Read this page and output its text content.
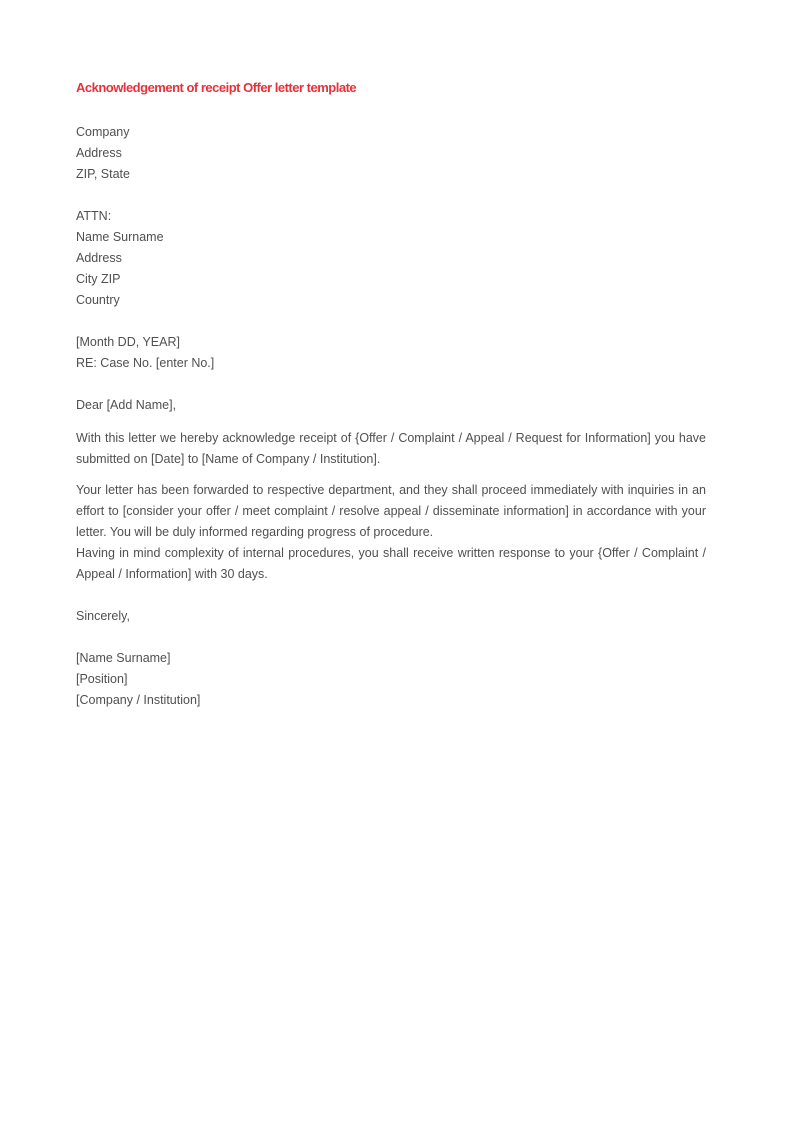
Acknowledgement of receipt Offer letter template
Company
Address
ZIP, State
ATTN:
Name Surname
Address
City ZIP
Country
[Month DD, YEAR]
RE: Case No. [enter No.]
Dear [Add Name],

With this letter we hereby acknowledge receipt of {Offer / Complaint / Appeal / Request for Information] you have submitted on [Date] to [Name of Company / Institution].

Your letter has been forwarded to respective department, and they shall proceed immediately with inquiries in an effort to [consider your offer / meet complaint / resolve appeal / disseminate information] in accordance with your letter. You will be duly informed regarding progress of procedure.

Having in mind complexity of internal procedures, you shall receive written response to your {Offer / Complaint / Appeal / Information] with 30 days.

Sincerely,
[Name Surname]
[Position]
[Company / Institution]
